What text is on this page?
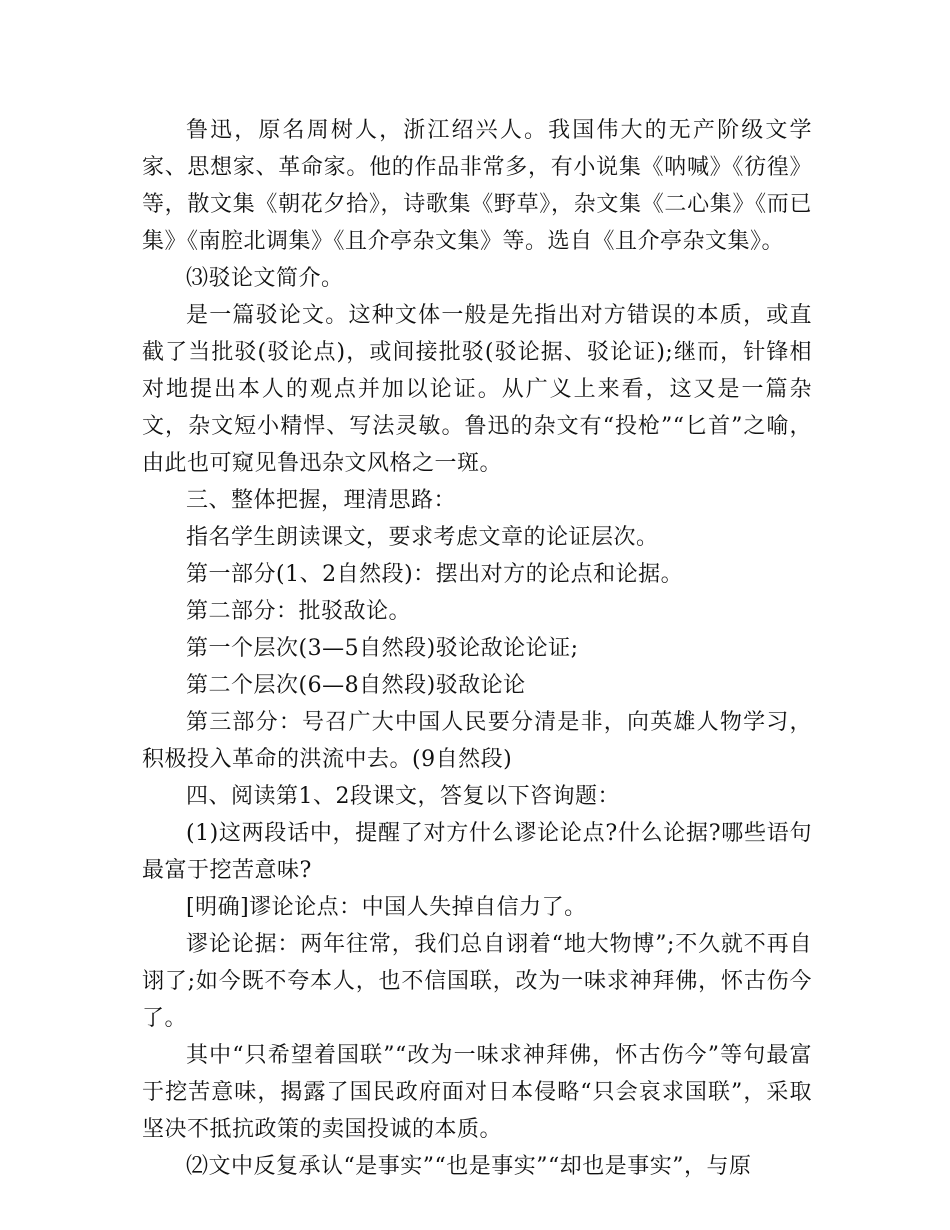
鲁迅，原名周树人，浙江绍兴人。我国伟大的无产阶级文学家、思想家、革命家。他的作品非常多，有小说集《呐喊》《彷徨》等，散文集《朝花夕拾》，诗歌集《野草》，杂文集《二心集》《而已集》《南腔北调集》《且介亭杂文集》等。选自《且介亭杂文集》。

⑶驳论文简介。

是一篇驳论文。这种文体一般是先指出对方错误的本质，或直截了当批驳(驳论点)，或间接批驳(驳论据、驳论证);继而，针锋相对地提出本人的观点并加以论证。从广义上来看，这又是一篇杂文，杂文短小精悍、写法灵敏。鲁迅的杂文有“投枪”“匕首”之喻，由此也可窥见鲁迅杂文风格之一斑。

三、整体把握，理清思路：

指名学生朗读课文，要求考虑文章的论证层次。

第一部分(1、2自然段)：摆出对方的论点和论据。

第二部分：批驳敌论。

第一个层次(3—5自然段)驳论敌论论证;

第二个层次(6—8自然段)驳敌论论

第三部分：号召广大中国人民要分清是非，向英雄人物学习，积极投入革命的洪流中去。(9自然段)

四、阅读第1、2段课文，答复以下咨询题：

(1)这两段话中，提醒了对方什么谬论论点?什么论据?哪些语句最富于挖苦意味?

[明确]谬论论点：中国人失掉自信力了。

谬论论据：两年往常，我们总自诩着“地大物博”;不久就不再自诩了;如今既不夸本人，也不信国联，改为一味求神拜佛，怀古伤今了。

其中“只希望着国联”“改为一味求神拜佛，怀古伤今”等句最富于挖苦意味，揭露了国民政府面对日本侵略“只会哀求国联”，采取坚决不抵抗政策的卖国投诚的本质。

⑵文中反复承认“是事实”“也是事实”“却也是事实”，与原
